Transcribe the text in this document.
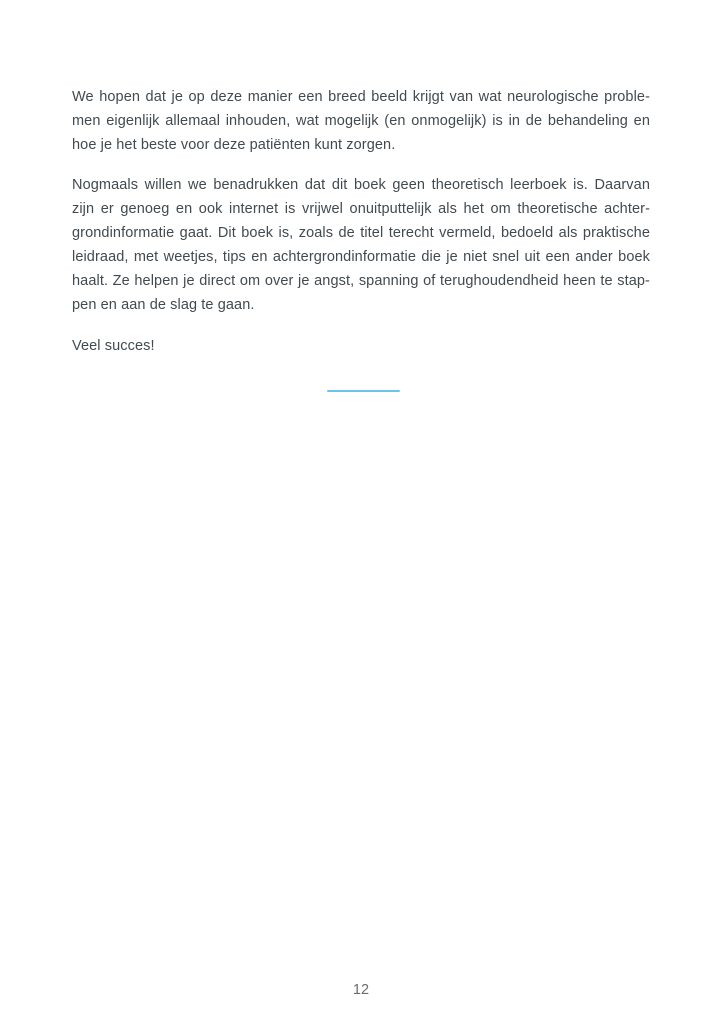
We hopen dat je op deze manier een breed beeld krijgt van wat neurologische proble-
men eigenlijk allemaal inhouden, wat mogelijk (en onmogelijk) is in de behandeling en
hoe je het beste voor deze patiënten kunt zorgen.
Nogmaals willen we benadrukken dat dit boek geen theoretisch leerboek is. Daarvan
zijn er genoeg en ook internet is vrijwel onuitputtelijk als het om theoretische achter-
grondinformatie gaat. Dit boek is, zoals de titel terecht vermeld, bedoeld als praktische
leidraad, met weetjes, tips en achtergrondinformatie die je niet snel uit een ander boek
haalt. Ze helpen je direct om over je angst, spanning of terughoudendheid heen te stap-
pen en aan de slag te gaan.
Veel succes!
12
